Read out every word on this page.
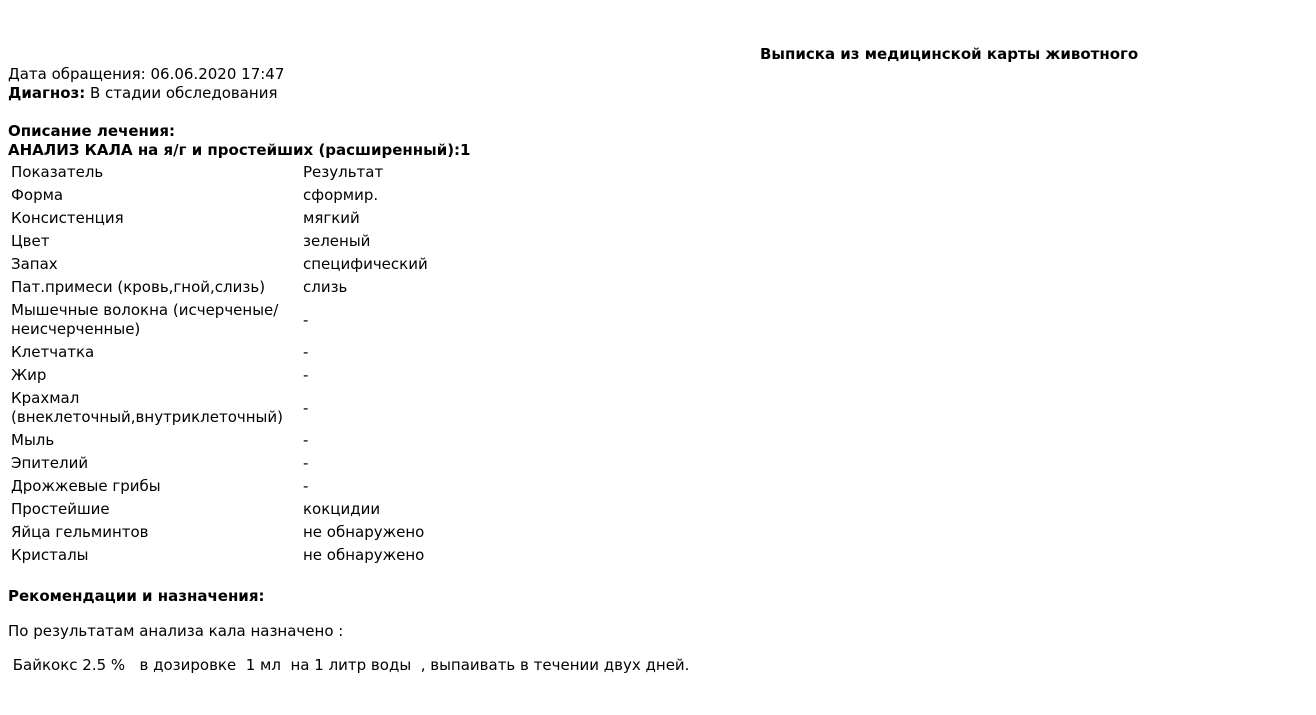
Выписка из медицинской карты животного
Дата обращения: 06.06.2020 17:47
Диагноз: В стадии обследования
Описание лечения:
АНАЛИЗ КАЛА на я/г и простейших (расширенный):1
Показатель	Результат
Форма	сформир.
Консистенция	мягкий
Цвет	зеленый
Запах	специфический
Пат.примеси (кровь,гной,слизь)	слизь
Мышечные волокна (исчерченые/ неисчерченные)	-
Клетчатка	-
Жир	-
Крахмал (внеклеточный,внутриклеточный)	-
Мыль	-
Эпителий	-
Дрожжевые грибы	-
Простейшие	кокцидии
Яйца гельминтов	не обнаружено
Кристалы	не обнаружено
Рекомендации и назначения:
По результатам анализа кала назначено :
Байкокс 2.5 %   в дозировке  1 мл  на 1 литр воды  , выпаивать в течении двух дней.
